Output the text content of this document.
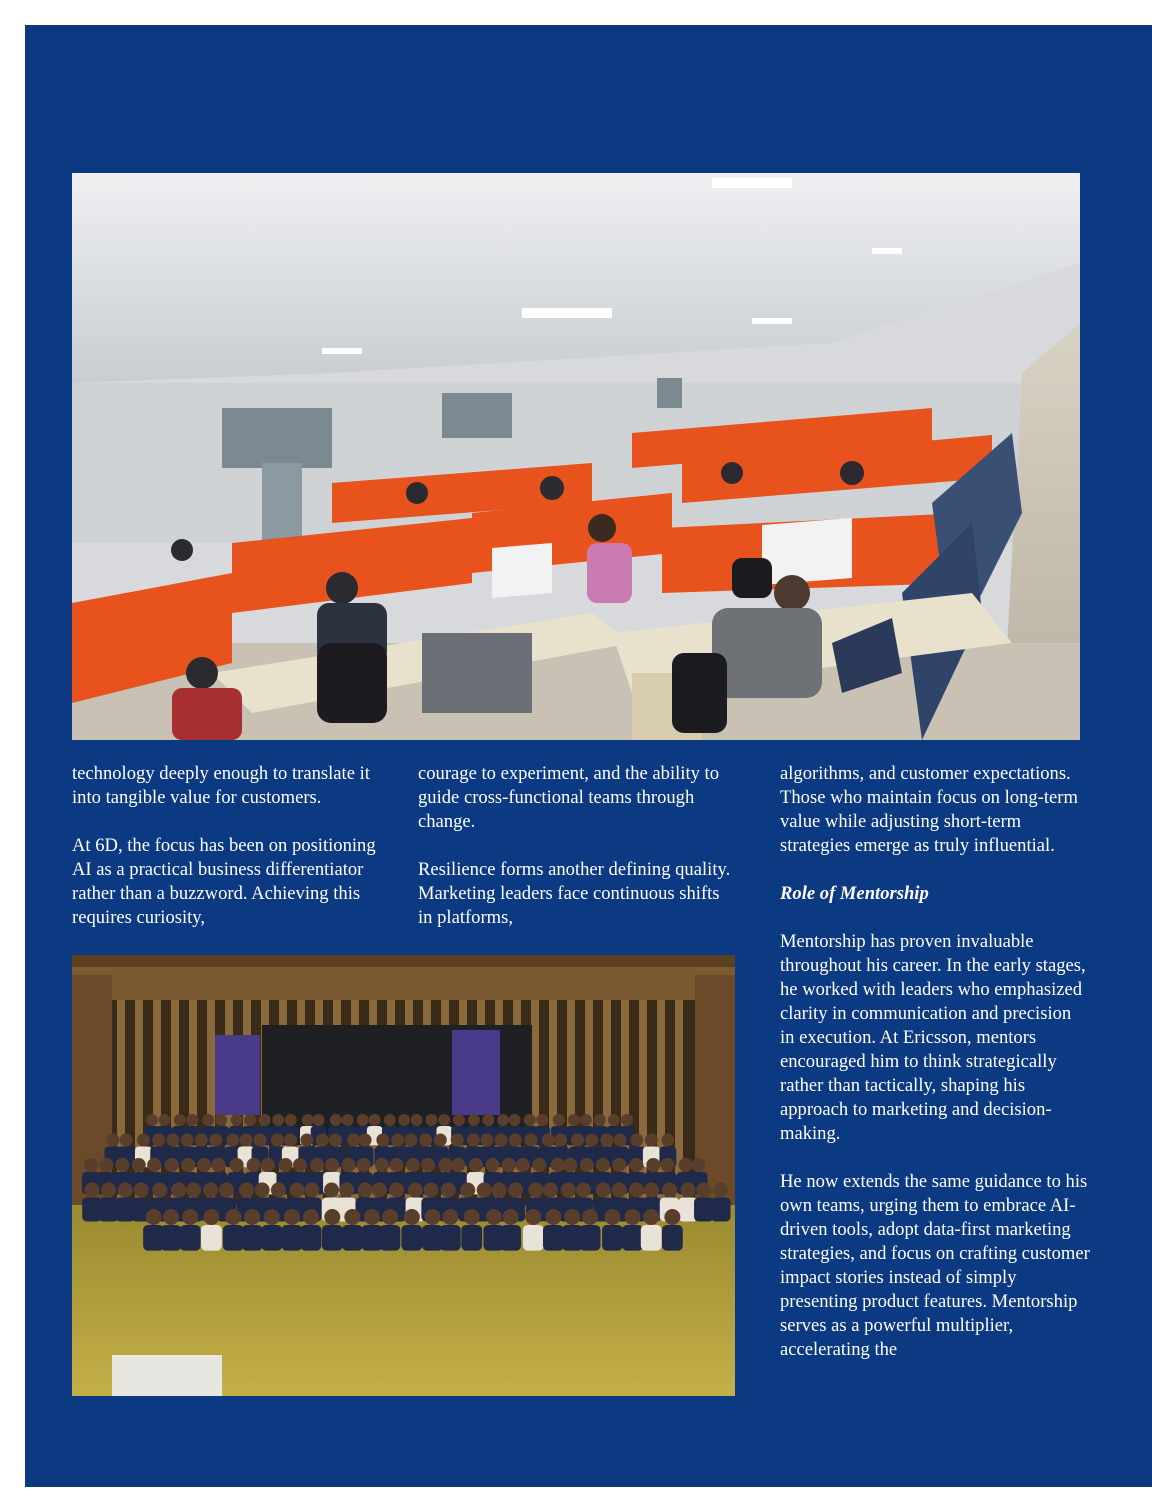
technology deeply enough to translate it into tangible value for customers.

At 6D, the focus has been on positioning AI as a practical business differentiator rather than a buzzword. Achieving this requires curiosity,

courage to experiment, and the ability to guide cross-functional teams through change.

Resilience forms another defining quality. Marketing leaders face continuous shifts in platforms,

algorithms, and customer expectations. Those who maintain focus on long-term value while adjusting short-term strategies emerge as truly influential.

Role of Mentorship

Mentorship has proven invaluable throughout his career. In the early stages, he worked with leaders who emphasized clarity in communication and precision in execution. At Ericsson, mentors encouraged him to think strategically rather than tactically, shaping his approach to marketing and decision-making.

He now extends the same guidance to his own teams, urging them to embrace AI-driven tools, adopt data-first marketing strategies, and focus on crafting customer impact stories instead of simply presenting product features. Mentorship serves as a powerful multiplier, accelerating the
